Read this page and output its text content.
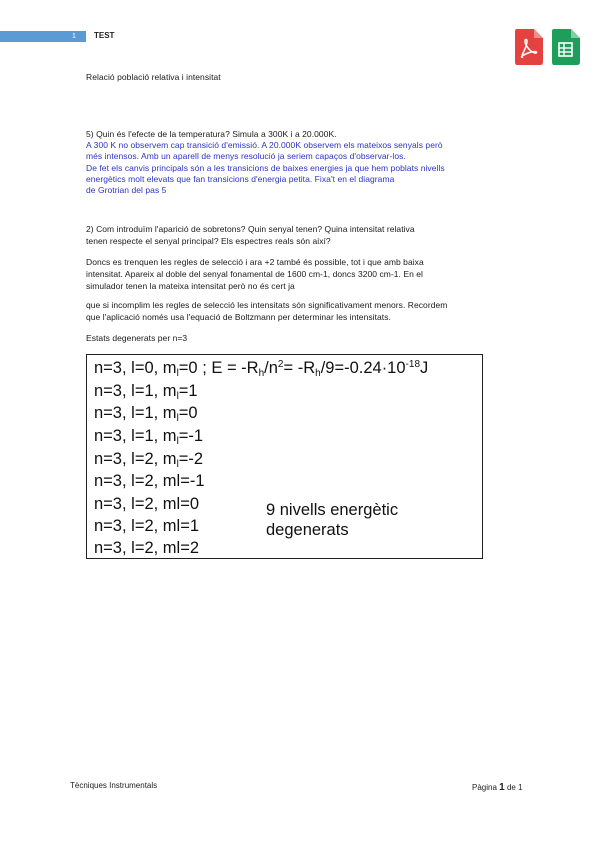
1 TEST

Relació població relativa i intensitat

5) Quin és l'efecte de la temperatura? Simula a 300K i a 20.000K.

A 300 K no observem cap transició d'emissió. A 20.000K observem els mateixos senyals però

més intensos. Amb un aparell de menys resolució ja seriem capaços d'observar-los.

De fet els canvis principals són a les transicions de baixes energies ja que hem poblats nivells

energètics molt elevats que fan transicions d'energia petita. Fixa't en el diagrama

de Grotrian del pas 5

2) Com introduïm l'aparició de sobretons? Quin senyal tenen? Quina intensitat relativa

tenen respecte el senyal principal? Els espectres reals són així?

Doncs es trenquen les regles de selecció i ara +2 també és possible, tot i que amb baixa

intensitat. Apareix al doble del senyal fonamental de 1600 cm-1, doncs 3200 cm-1. En el

simulador tenen la mateixa intensitat però no és cert ja

que si incomplim les regles de selecció les intensitats són significativament menors. Recordem

que l'aplicació només usa l'equació de Boltzmann per determinar les intensitats.

Estats degenerats per n=3

n=3, l=0, $m_l=0$ ; $E = -R_h/n^2= -R_h/9=-0.24\cdot 10^{-18}J$
n=3, l=1, $m_l=1$
n=3, l=1, $m_l=0$
n=3, l=1, $m_l=-1$
n=3, l=2, $m_l=-2$
n=3, l=2, ml=-1
n=3, l=2, ml=0
n=3, l=2, ml=1
n=3, l=2, ml=2
9 nivells energètic
degenerats
Tècniques Instrumentals	Pàgina 1 de 1
